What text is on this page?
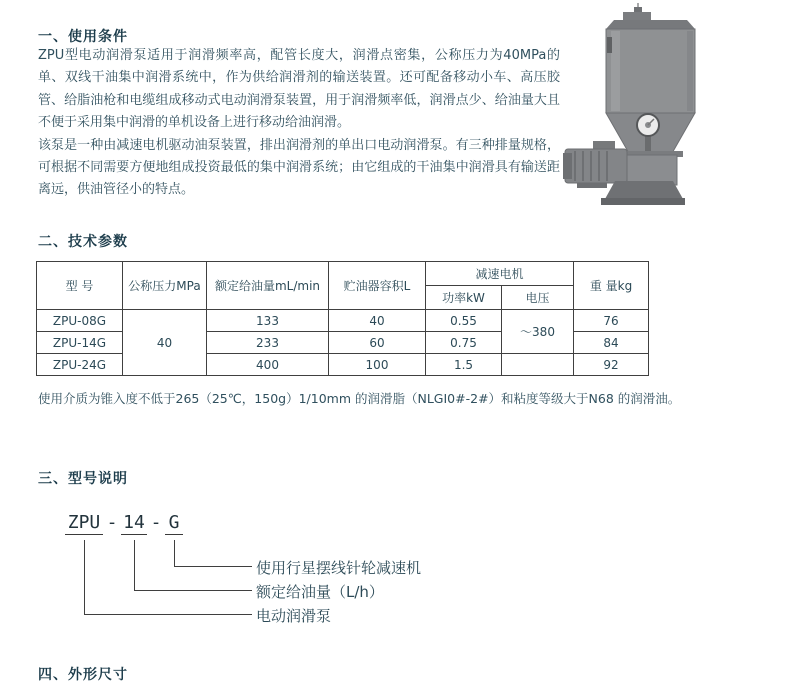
一、使用条件

ZPU型电动润滑泵适用于润滑频率高，配管长度大，润滑点密集，公称压力为40MPa的单、双线干油集中润滑系统中，作为供给润滑剂的输送装置。还可配备移动小车、高压胶管、给脂油枪和电缆组成移动式电动润滑泵装置，用于润滑频率低，润滑点少、给油量大且不便于采用集中润滑的单机设备上进行移动给油润滑。

该泵是一种由减速电机驱动油泵装置，排出润滑剂的单出口电动润滑泵。有三种排量规格，可根据不同需要方便地组成投资最低的集中润滑系统；由它组成的干油集中润滑具有输送距离远，供油管径小的特点。

二、技术参数
型 号	公称压力MPa	额定给油量mL/min	贮油器容积L	减速电机		重 量kg
				功率kW	电压	
ZPU-08G	40	133	40	0.55	～380	76
ZPU-14G		233	60	0.75		84
ZPU-24G		400	100	1.5		92

使用介质为锥入度不低于265（25℃，150g）1/10mm 的润滑脂（NLGI0#-2#）和粘度等级大于N68 的润滑油。

三、型号说明
ZPU - 14 - G
使用行星摆线针轮减速机
额定给油量（L/h）
电动润滑泵
四、外形尺寸
